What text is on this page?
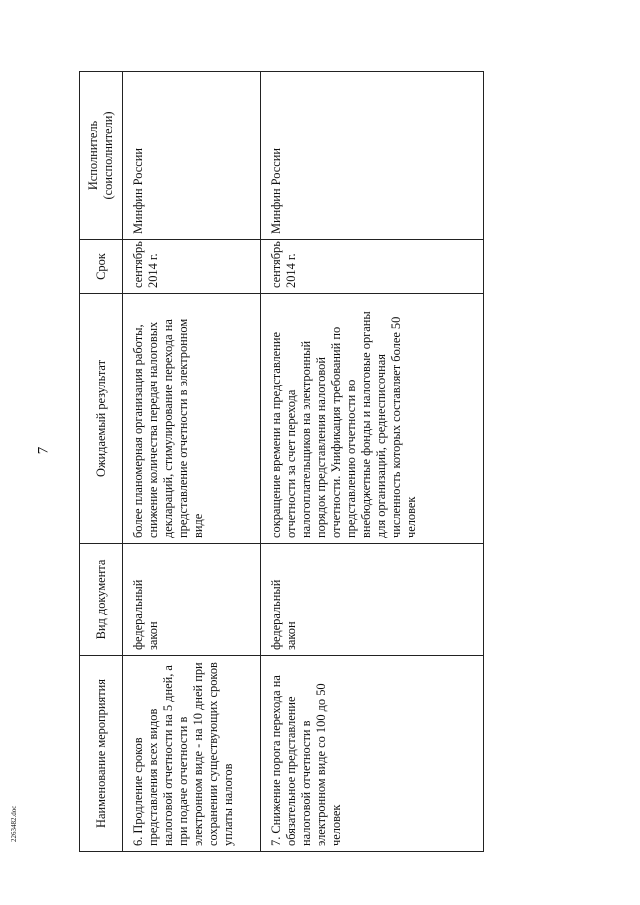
7
Наименование мероприятия	Вид документа	Ожидаемый результат	Срок	Исполнитель (соисполнители)
6. Продление сроков представления всех видов налоговой отчетности на 5 дней, а при подаче отчетности в электронном виде - на 10 дней при сохранении существующих сроков уплаты налогов	федеральный закон	более планомерная организация работы, снижение количества передач налоговых деклараций, стимулирование перехода на представление отчетности в электронном виде	сентябрь 2014 г.	Минфин России
7. Снижение порога перехода на обязательное представление налоговой отчетности в электронном виде со 100 до 50 человек	федеральный закон	сокращение времени на представление отчетности за счет перехода налогоплательщиков на электронный порядок представления налоговой отчетности. Унификация требований по представлению отчетности во внебюджетные фонды и налоговые органы для организаций, среднесписочная численность которых составляет более 50 человек	сентябрь 2014 г.	Минфин России
2263482.doc
